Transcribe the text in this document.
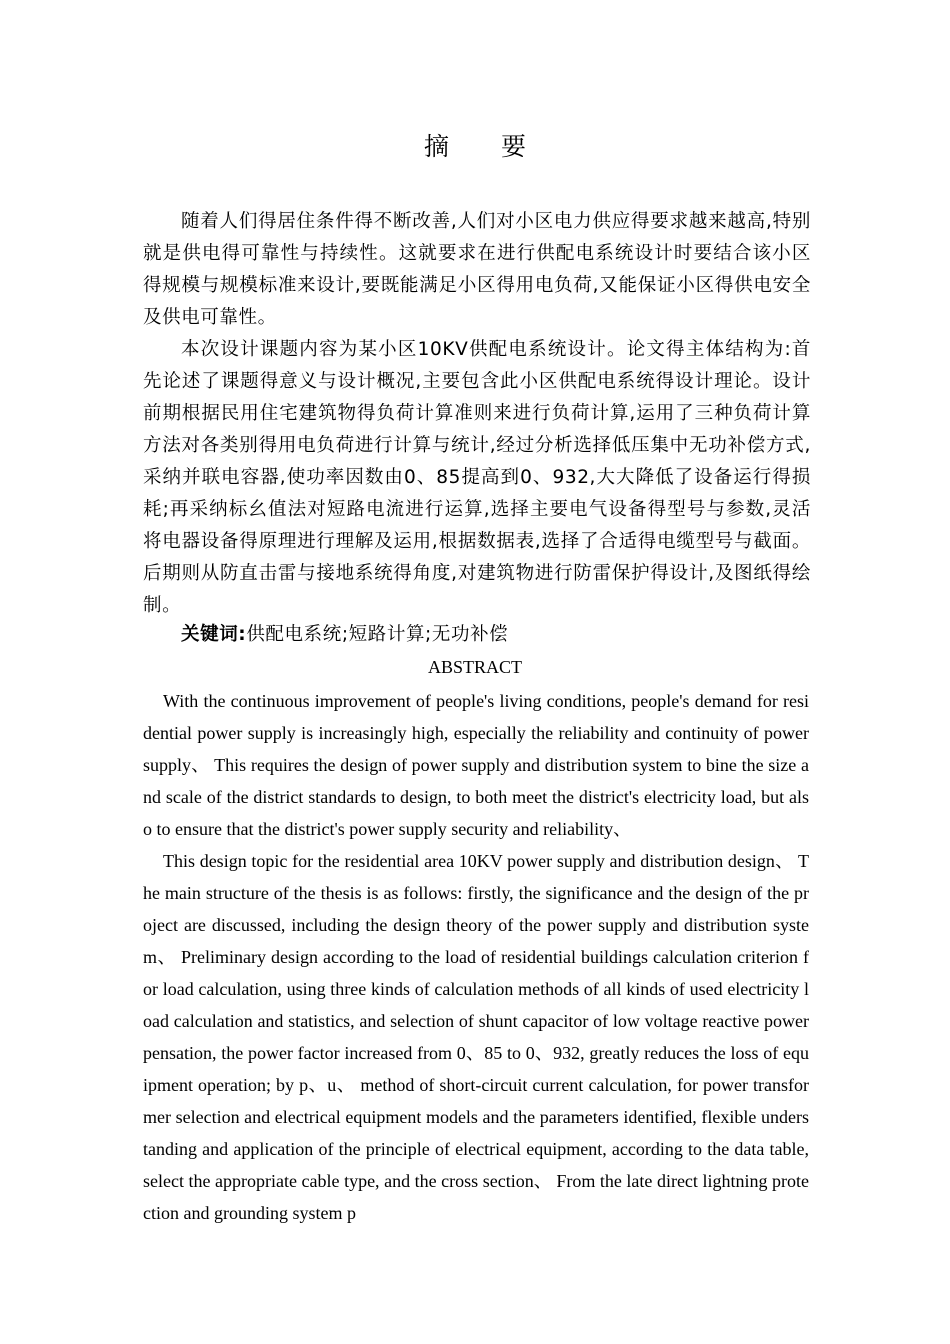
摘 要

随着人们得居住条件得不断改善,人们对小区电力供应得要求越来越高,特别就是供电得可靠性与持续性。这就要求在进行供配电系统设计时要结合该小区得规模与规模标准来设计,要既能满足小区得用电负荷,又能保证小区得供电安全及供电可靠性。

本次设计课题内容为某小区10KV供配电系统设计。论文得主体结构为:首先论述了课题得意义与设计概况,主要包含此小区供配电系统得设计理论。设计前期根据民用住宅建筑物得负荷计算准则来进行负荷计算,运用了三种负荷计算方法对各类别得用电负荷进行计算与统计,经过分析选择低压集中无功补偿方式,采纳并联电容器,使功率因数由0、85提高到0、932,大大降低了设备运行得损耗;再采纳标幺值法对短路电流进行运算,选择主要电气设备得型号与参数,灵活将电器设备得原理进行理解及运用,根据数据表,选择了合适得电缆型号与截面。后期则从防直击雷与接地系统得角度,对建筑物进行防雷保护得设计,及图纸得绘制。

关键词:供配电系统;短路计算;无功补偿

ABSTRACT

With the continuous improvement of people's living conditions, people's demand for residential power supply is increasingly high, especially the reliability and continuity of power supply、 This requires the design of power supply and distribution system to bine the size and scale of the district standards to design, to both meet the district's electricity load, but also to ensure that the district's power supply security and reliability、

This design topic for the residential area 10KV power supply and distribution design、 The main structure of the thesis is as follows: firstly, the significance and the design of the project are discussed, including the design theory of the power supply and distribution system、 Preliminary design according to the load of residential buildings calculation criterion for load calculation, using three kinds of calculation methods of all kinds of used electricity load calculation and statistics, and selection of shunt capacitor of low voltage reactive power pensation, the power factor increased from 0、85 to 0、932, greatly reduces the loss of equipment operation; by p、u、 method of short-circuit current calculation, for power transformer selection and electrical equipment models and the parameters identified, flexible understanding and application of the principle of electrical equipment, according to the data table, select the appropriate cable type, and the cross section、 From the late direct lightning protection and grounding system p
